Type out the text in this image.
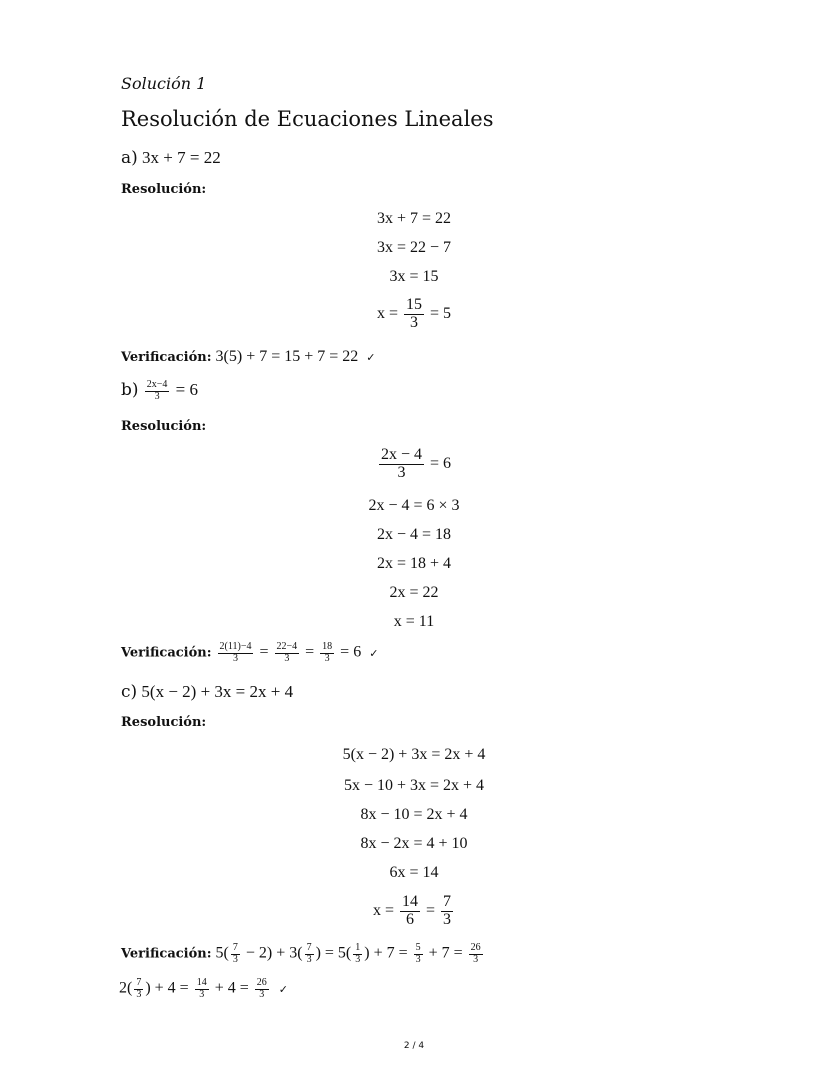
Solución 1
Resolución de Ecuaciones Lineales
a) 3x + 7 = 22
Resolución:
3x + 7 = 22
3x = 22 − 7
3x = 15
$x = \frac{15}{3} = 5$
Verificación: 3(5) + 7 = 15 + 7 = 22 ✓
$b) \frac{2x-4}{3} = 6$
Resolución:
$\frac{2x - 4}{3} = 6$
2x − 4 = 6 × 3
2x − 4 = 18
2x = 18 + 4
2x = 22
x = 11
Verificación: $\frac{2(11)-4}{3} = \frac{22-4}{3} = \frac{18}{3} = 6$ ✓
c) 5(x − 2) + 3x = 2x + 4
Resolución:
5(x − 2) + 3x = 2x + 4
5x − 10 + 3x = 2x + 4
8x − 10 = 2x + 4
8x − 2x = 4 + 10
6x = 14
$x = \frac{14}{6} = \frac{7}{3}$
Verificación: $5( \frac{7}{3} - 2) + 3( \frac{7}{3}$ ) = $5( \frac{1}{3}$ ) + $7 = \frac{5}{3} + 7 = \frac{26}{3}$
$2( \frac{7}{3}$ ) + $4 = \frac{14}{3} + 4 = \frac{26}{3}$ ✓
2 / 4
